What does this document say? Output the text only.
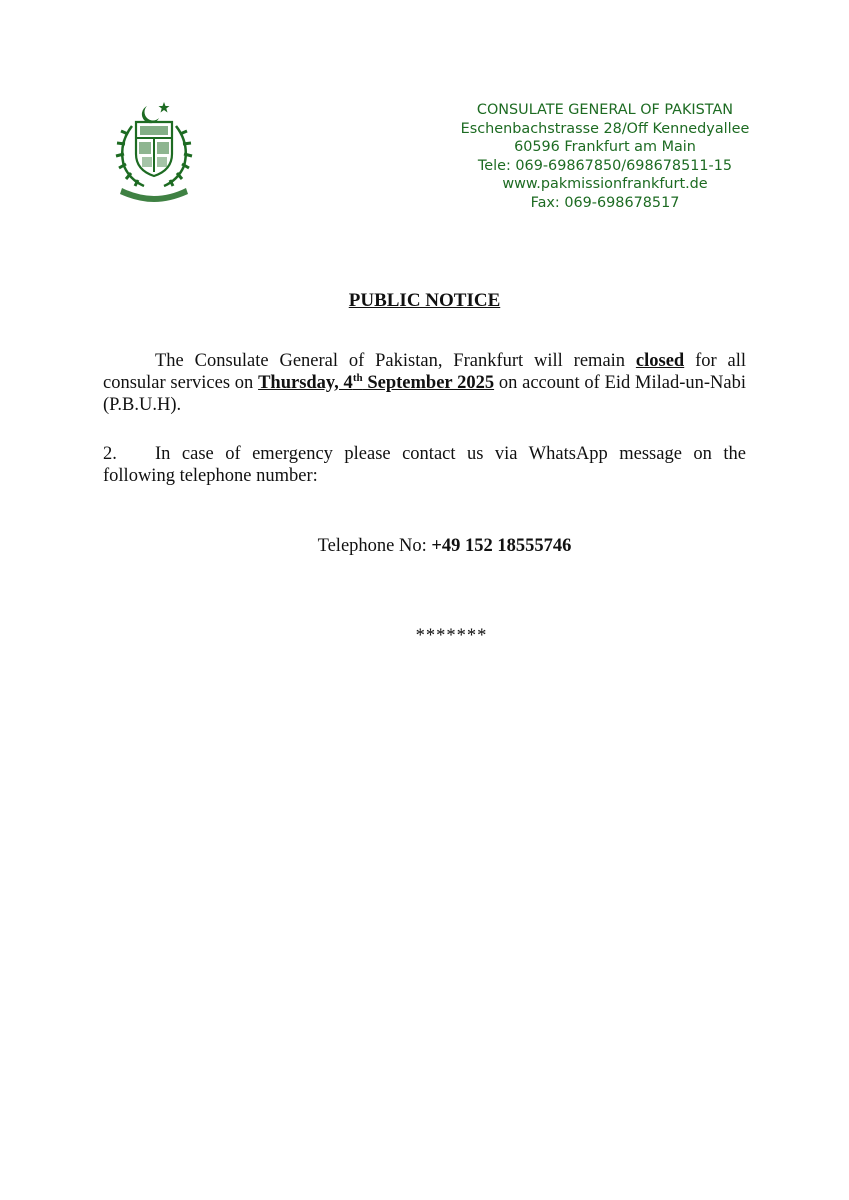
CONSULATE GENERAL OF PAKISTAN
Eschenbachstrasse 28/Off Kennedyallee
60596 Frankfurt am Main
Tele: 069-69867850/698678511-15
www.pakmissionfrankfurt.de
Fax: 069-698678517
PUBLIC NOTICE
The Consulate General of Pakistan, Frankfurt will remain closed for all consular services on Thursday, 4th September 2025 on account of Eid Milad-un-Nabi (P.B.U.H).
2. In case of emergency please contact us via WhatsApp message on the following telephone number:
Telephone No: +49 152 18555746
*******
